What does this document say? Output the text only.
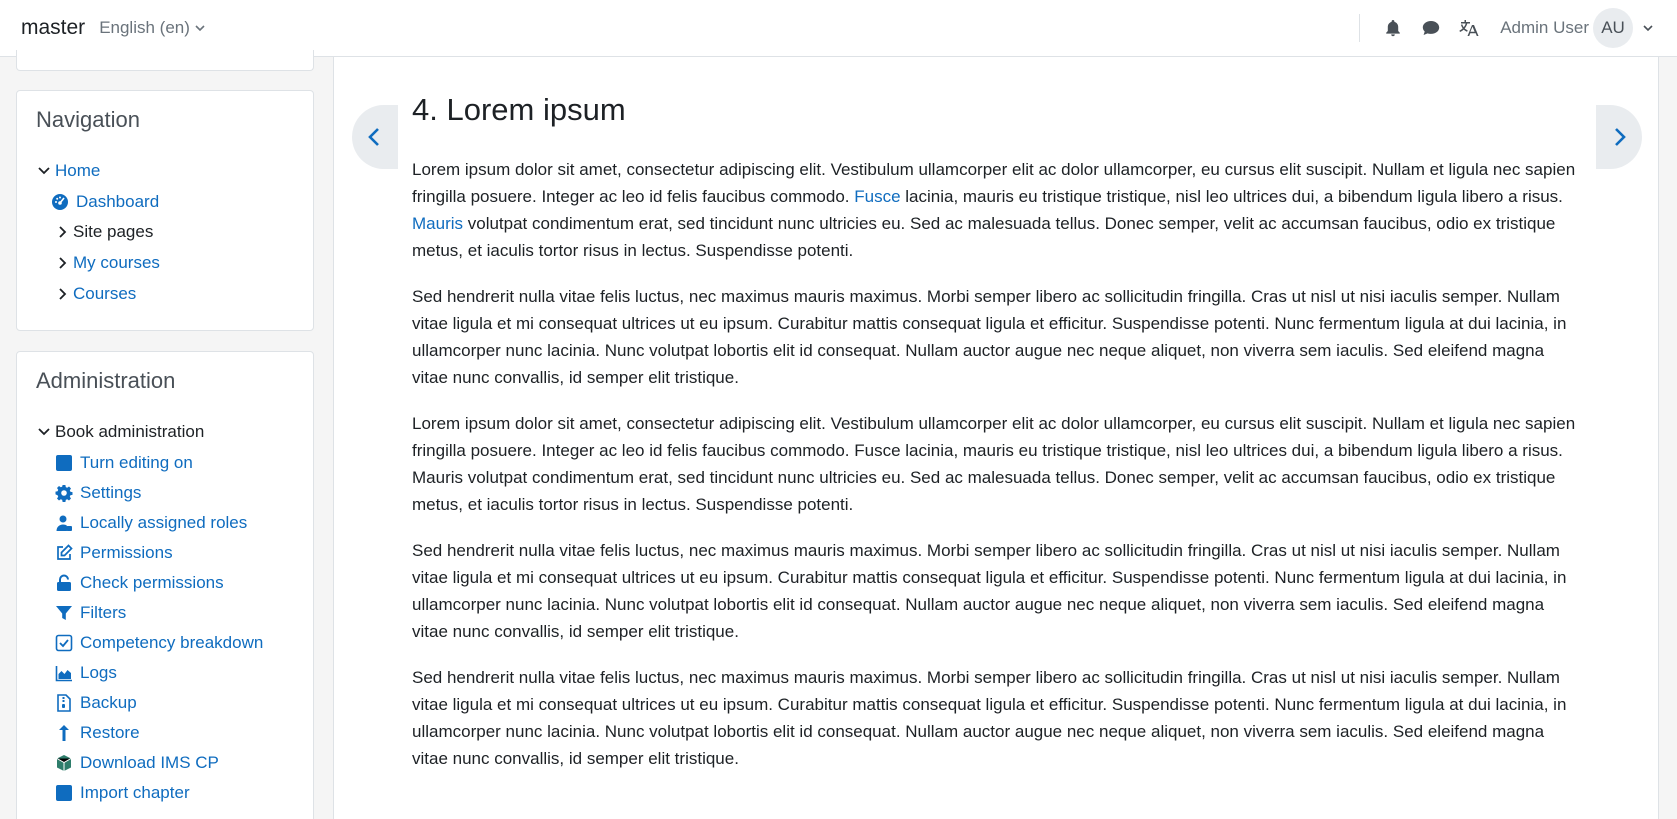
master English (en)	Admin User AU
Navigation
Home
Dashboard
Site pages
My courses
Courses
Administration
Book administration
Turn editing on
Settings
Locally assigned roles
Permissions
Check permissions
Filters
Competency breakdown
Logs
Backup
Restore
Download IMS CP
Import chapter
4. Lorem ipsum

Lorem ipsum dolor sit amet, consectetur adipiscing elit. Vestibulum ullamcorper elit ac dolor ullamcorper, eu cursus elit suscipit. Nullam et ligula nec sapien fringilla posuere. Integer ac leo id felis faucibus commodo. Fusce lacinia, mauris eu tristique tristique, nisl leo ultrices dui, a bibendum ligula libero a risus. Mauris volutpat condimentum erat, sed tincidunt nunc ultricies eu. Sed ac malesuada tellus. Donec semper, velit ac accumsan faucibus, odio ex tristique metus, et iaculis tortor risus in lectus. Suspendisse potenti.

Sed hendrerit nulla vitae felis luctus, nec maximus mauris maximus. Morbi semper libero ac sollicitudin fringilla. Cras ut nisl ut nisi iaculis semper. Nullam vitae ligula et mi consequat ultrices ut eu ipsum. Curabitur mattis consequat ligula et efficitur. Suspendisse potenti. Nunc fermentum ligula at dui lacinia, in ullamcorper nunc lacinia. Nunc volutpat lobortis elit id consequat. Nullam auctor augue nec neque aliquet, non viverra sem iaculis. Sed eleifend magna vitae nunc convallis, id semper elit tristique.

Lorem ipsum dolor sit amet, consectetur adipiscing elit. Vestibulum ullamcorper elit ac dolor ullamcorper, eu cursus elit suscipit. Nullam et ligula nec sapien fringilla posuere. Integer ac leo id felis faucibus commodo. Fusce lacinia, mauris eu tristique tristique, nisl leo ultrices dui, a bibendum ligula libero a risus. Mauris volutpat condimentum erat, sed tincidunt nunc ultricies eu. Sed ac malesuada tellus. Donec semper, velit ac accumsan faucibus, odio ex tristique metus, et iaculis tortor risus in lectus. Suspendisse potenti.

Sed hendrerit nulla vitae felis luctus, nec maximus mauris maximus. Morbi semper libero ac sollicitudin fringilla. Cras ut nisl ut nisi iaculis semper. Nullam vitae ligula et mi consequat ultrices ut eu ipsum. Curabitur mattis consequat ligula et efficitur. Suspendisse potenti. Nunc fermentum ligula at dui lacinia, in ullamcorper nunc lacinia. Nunc volutpat lobortis elit id consequat. Nullam auctor augue nec neque aliquet, non viverra sem iaculis. Sed eleifend magna vitae nunc convallis, id semper elit tristique.

Sed hendrerit nulla vitae felis luctus, nec maximus mauris maximus. Morbi semper libero ac sollicitudin fringilla. Cras ut nisl ut nisi iaculis semper. Nullam vitae ligula et mi consequat ultrices ut eu ipsum. Curabitur mattis consequat ligula et efficitur. Suspendisse potenti. Nunc fermentum ligula at dui lacinia, in ullamcorper nunc lacinia. Nunc volutpat lobortis elit id consequat. Nullam auctor augue nec neque aliquet, non viverra sem iaculis. Sed eleifend magna vitae nunc convallis, id semper elit tristique.
